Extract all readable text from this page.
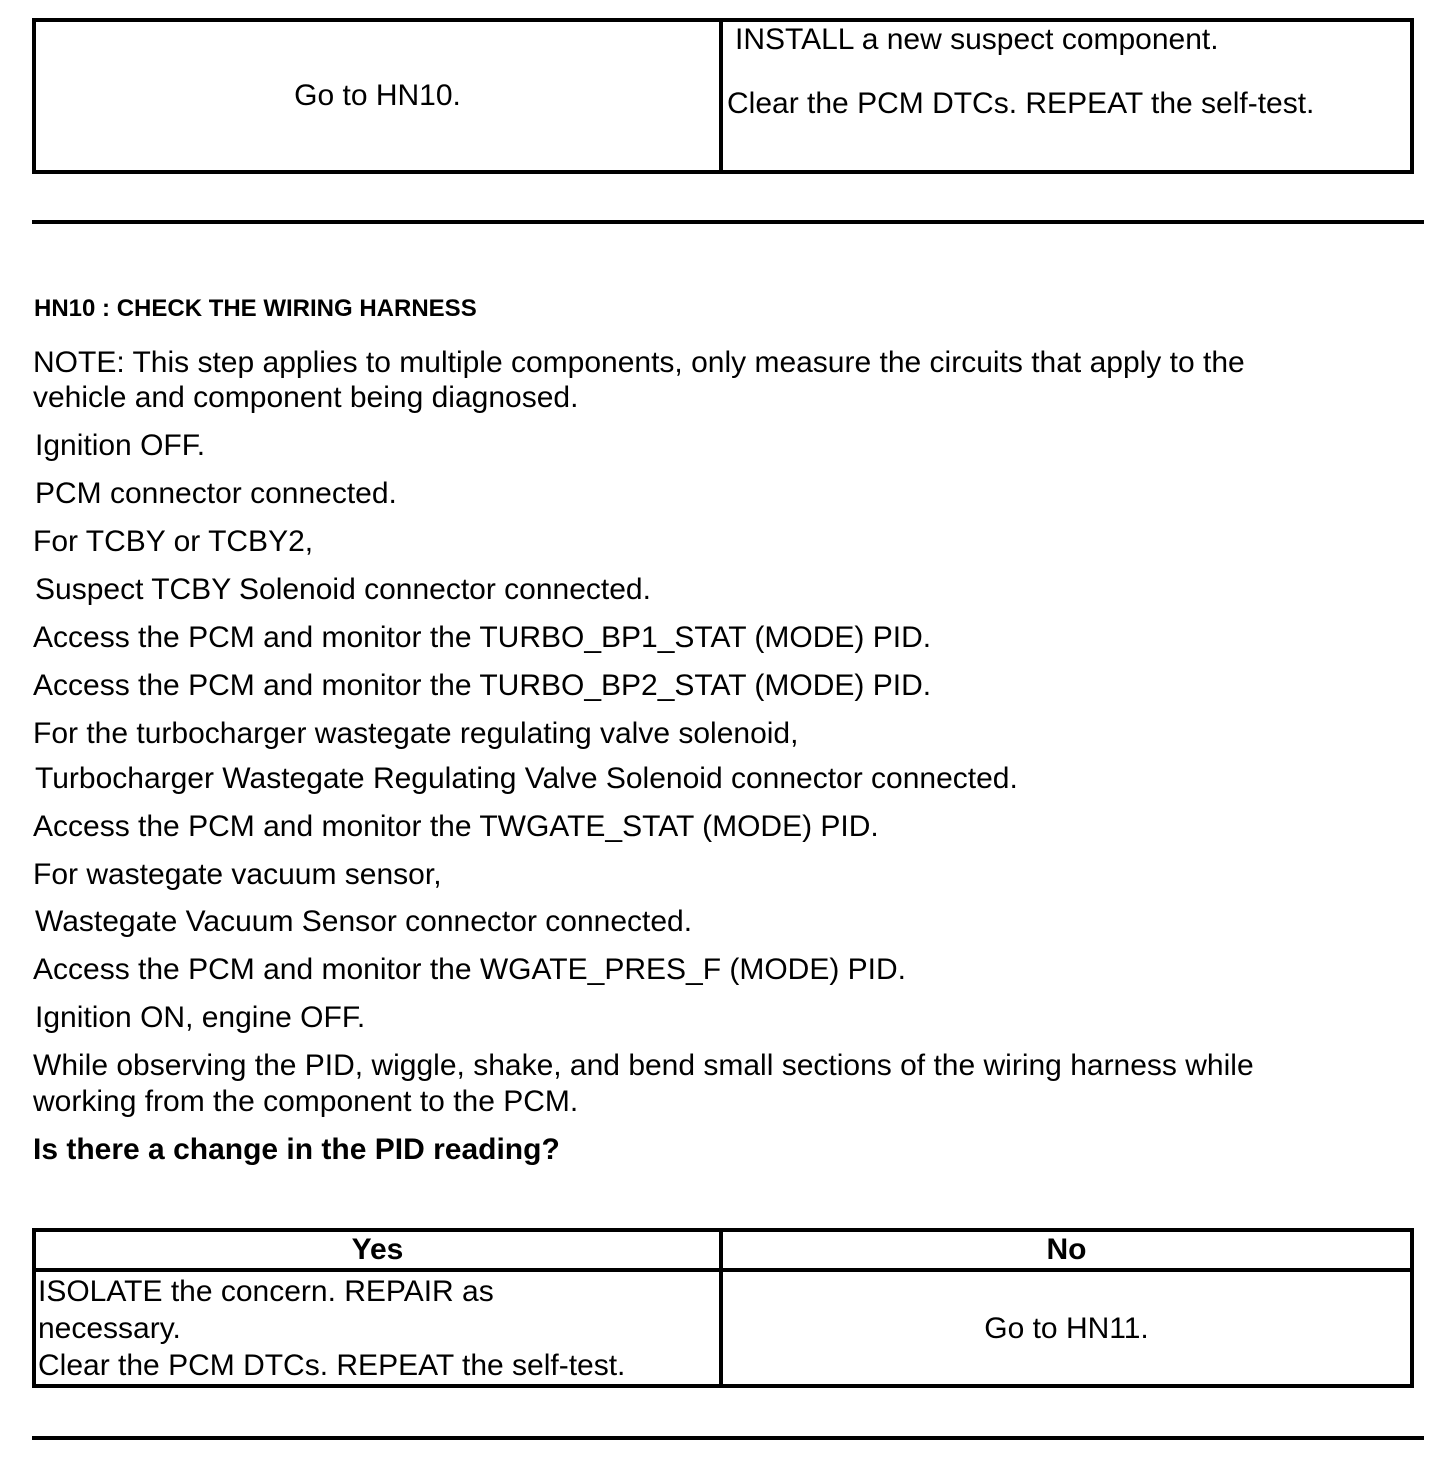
Go to HN10.
INSTALL a new suspect component.
Clear the PCM DTCs. REPEAT the self-test.
HN10 : CHECK THE WIRING HARNESS
NOTE: This step applies to multiple components, only measure the circuits that apply to the
vehicle and component being diagnosed.
Ignition OFF.
PCM connector connected.
For TCBY or TCBY2,
Suspect TCBY Solenoid connector connected.
Access the PCM and monitor the TURBO_BP1_STAT (MODE) PID.
Access the PCM and monitor the TURBO_BP2_STAT (MODE) PID.
For the turbocharger wastegate regulating valve solenoid,
Turbocharger Wastegate Regulating Valve Solenoid connector connected.
Access the PCM and monitor the TWGATE_STAT (MODE) PID.
For wastegate vacuum sensor,
Wastegate Vacuum Sensor connector connected.
Access the PCM and monitor the WGATE_PRES_F (MODE) PID.
Ignition ON, engine OFF.
While observing the PID, wiggle, shake, and bend small sections of the wiring harness while
working from the component to the PCM.
Is there a change in the PID reading?
Yes	No
ISOLATE the concern. REPAIR as
necessary.
Clear the PCM DTCs. REPEAT the self-test.
Go to HN11.
